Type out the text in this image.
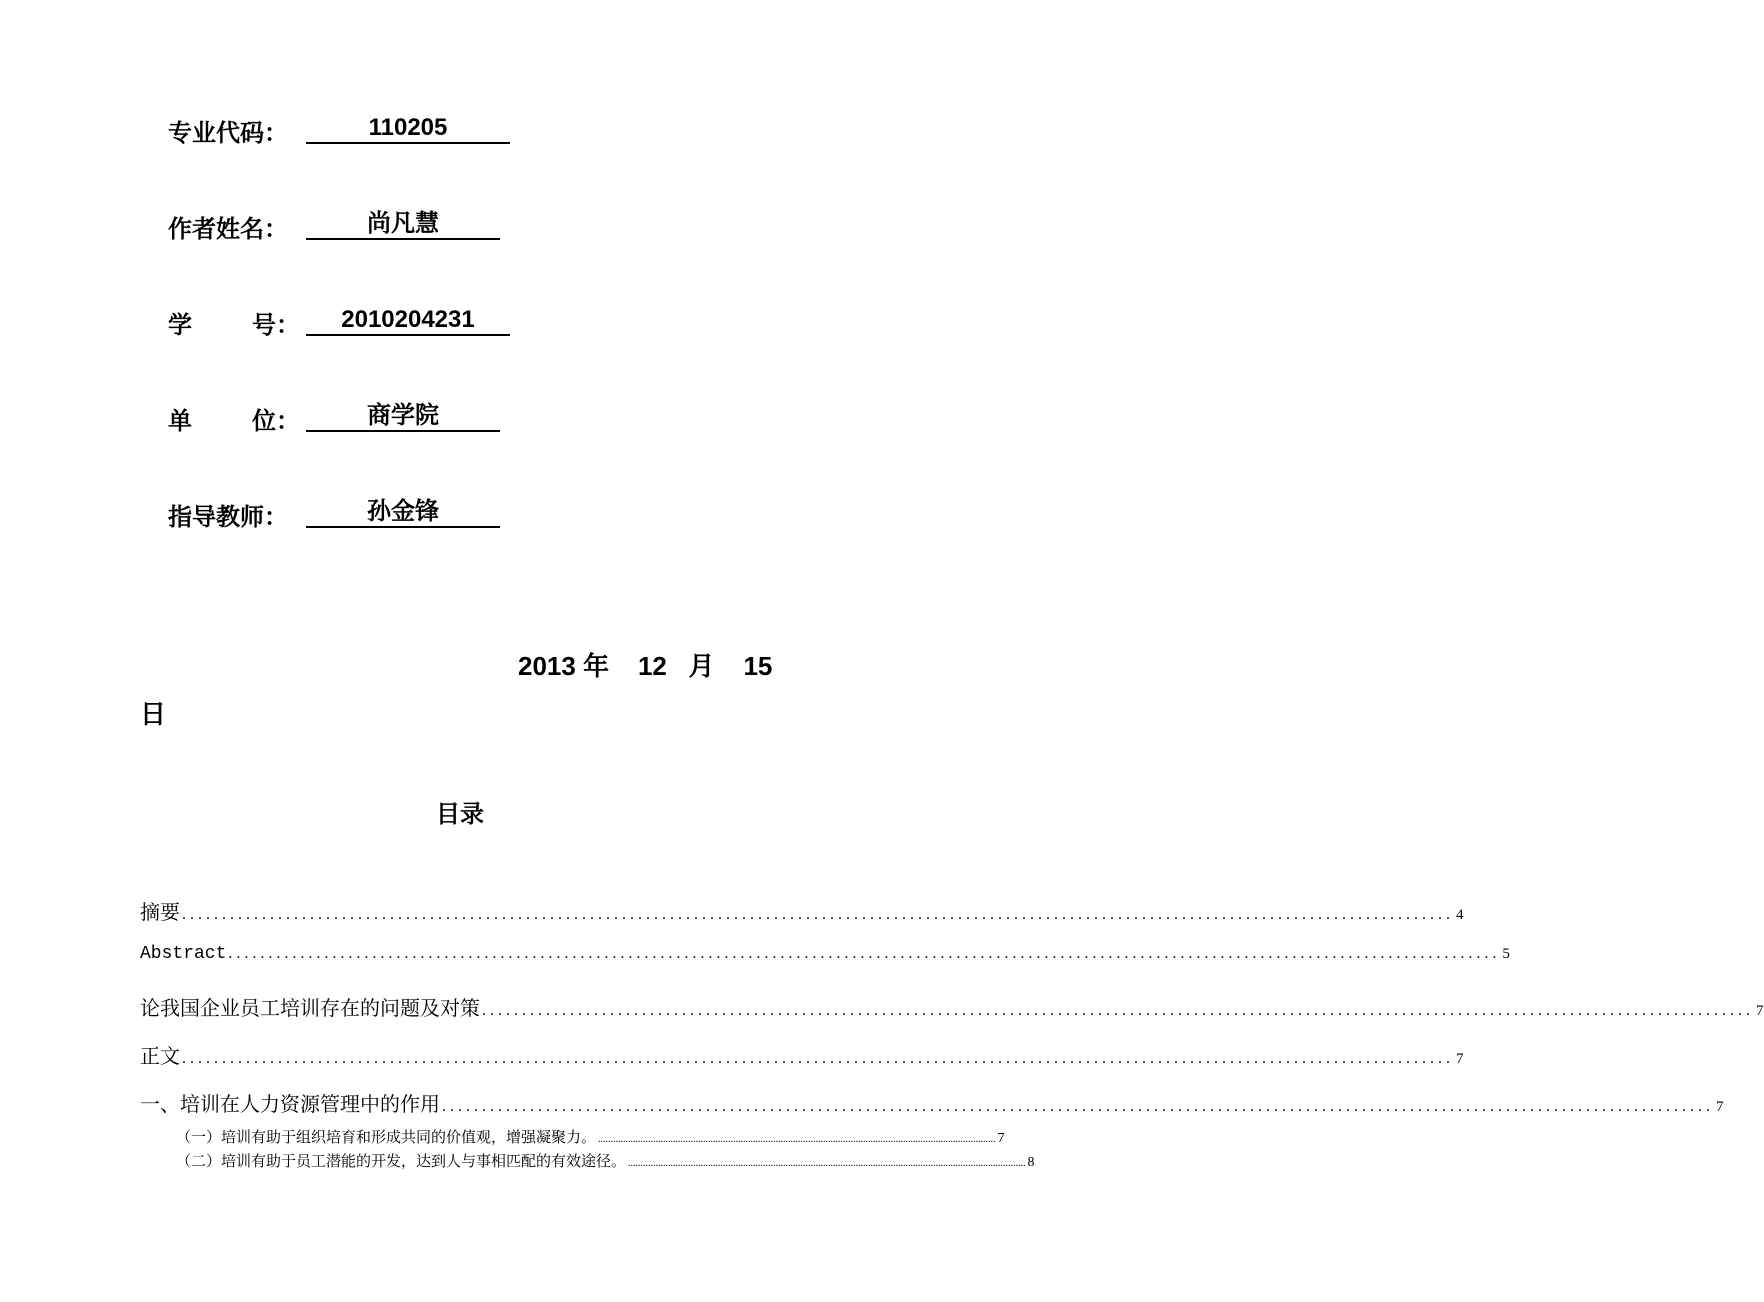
专业代码：	110205
作者姓名：	尚凡慧
学	号：	2010204231
单	位：	商学院
指导教师：	孙金锋
2013 年    12   月    15
日
目录
摘要 ............................................................................................................................................................... 4
Abstract ............................................................................................................................................................... 5
论我国企业员工培训存在的问题及对策 ............................................................................................................................................................... 7
正文 ............................................................................................................................................................... 7
一、培训在人力资源管理中的作用 ............................................................................................................................................................... 7
（一）培训有助于组织培育和形成共同的价值观，增强凝聚力。 ............................................................................................................................................................... 7
（二）培训有助于员工潜能的开发，达到人与事相匹配的有效途径。 ............................................................................................................................................................... 8
